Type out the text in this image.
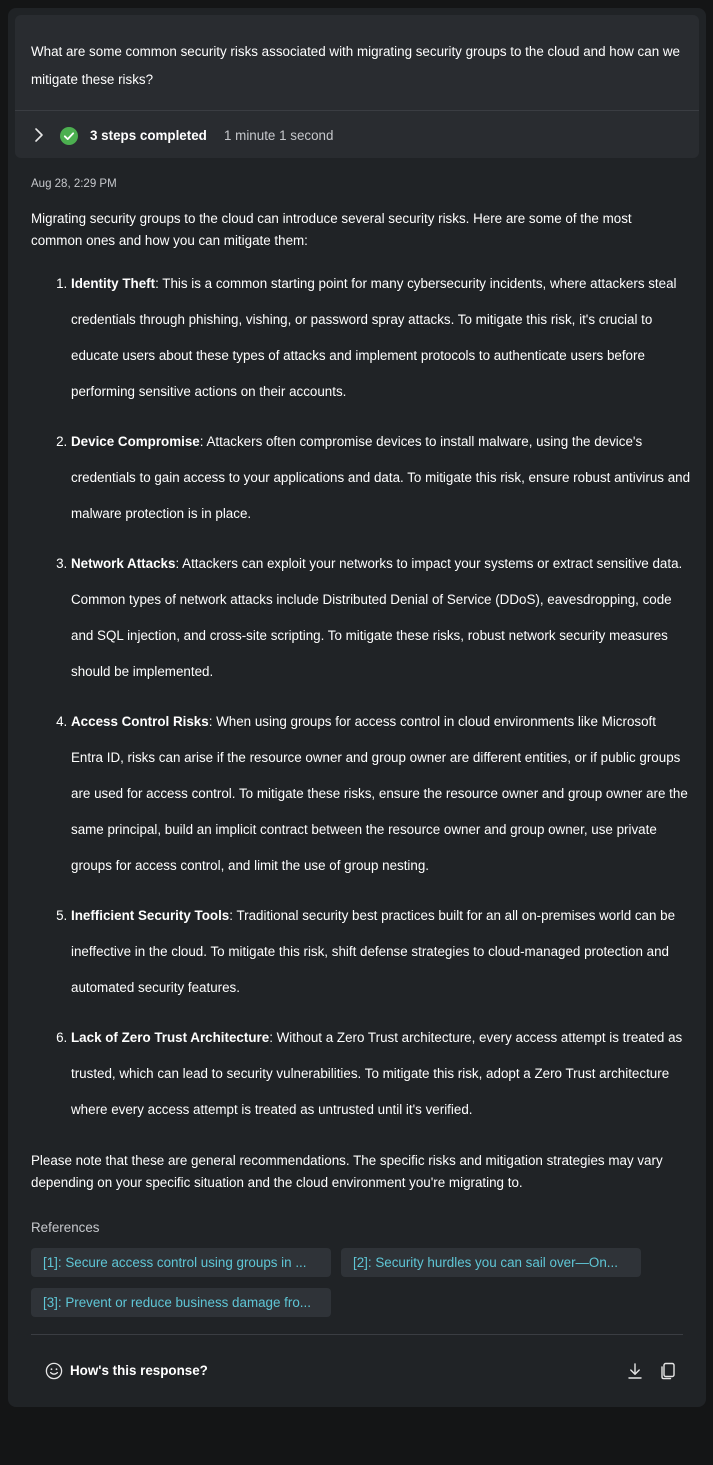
What are some common security risks associated with migrating security groups to the cloud and how can we mitigate these risks?
3 steps completed 1 minute 1 second
Aug 28, 2:29 PM
Migrating security groups to the cloud can introduce several security risks. Here are some of the most common ones and how you can mitigate them:
1. Identity Theft: This is a common starting point for many cybersecurity incidents, where attackers steal credentials through phishing, vishing, or password spray attacks. To mitigate this risk, it's crucial to educate users about these types of attacks and implement protocols to authenticate users before performing sensitive actions on their accounts.
2. Device Compromise: Attackers often compromise devices to install malware, using the device's credentials to gain access to your applications and data. To mitigate this risk, ensure robust antivirus and malware protection is in place.
3. Network Attacks: Attackers can exploit your networks to impact your systems or extract sensitive data. Common types of network attacks include Distributed Denial of Service (DDoS), eavesdropping, code and SQL injection, and cross-site scripting. To mitigate these risks, robust network security measures should be implemented.
4. Access Control Risks: When using groups for access control in cloud environments like Microsoft Entra ID, risks can arise if the resource owner and group owner are different entities, or if public groups are used for access control. To mitigate these risks, ensure the resource owner and group owner are the same principal, build an implicit contract between the resource owner and group owner, use private groups for access control, and limit the use of group nesting.
5. Inefficient Security Tools: Traditional security best practices built for an all on-premises world can be ineffective in the cloud. To mitigate this risk, shift defense strategies to cloud-managed protection and automated security features.
6. Lack of Zero Trust Architecture: Without a Zero Trust architecture, every access attempt is treated as trusted, which can lead to security vulnerabilities. To mitigate this risk, adopt a Zero Trust architecture where every access attempt is treated as untrusted until it's verified.
Please note that these are general recommendations. The specific risks and mitigation strategies may vary depending on your specific situation and the cloud environment you're migrating to.
References
[1]: Secure access control using groups in ...	[2]: Security hurdles you can sail over—On...
[3]: Prevent or reduce business damage fro...
How's this response?
